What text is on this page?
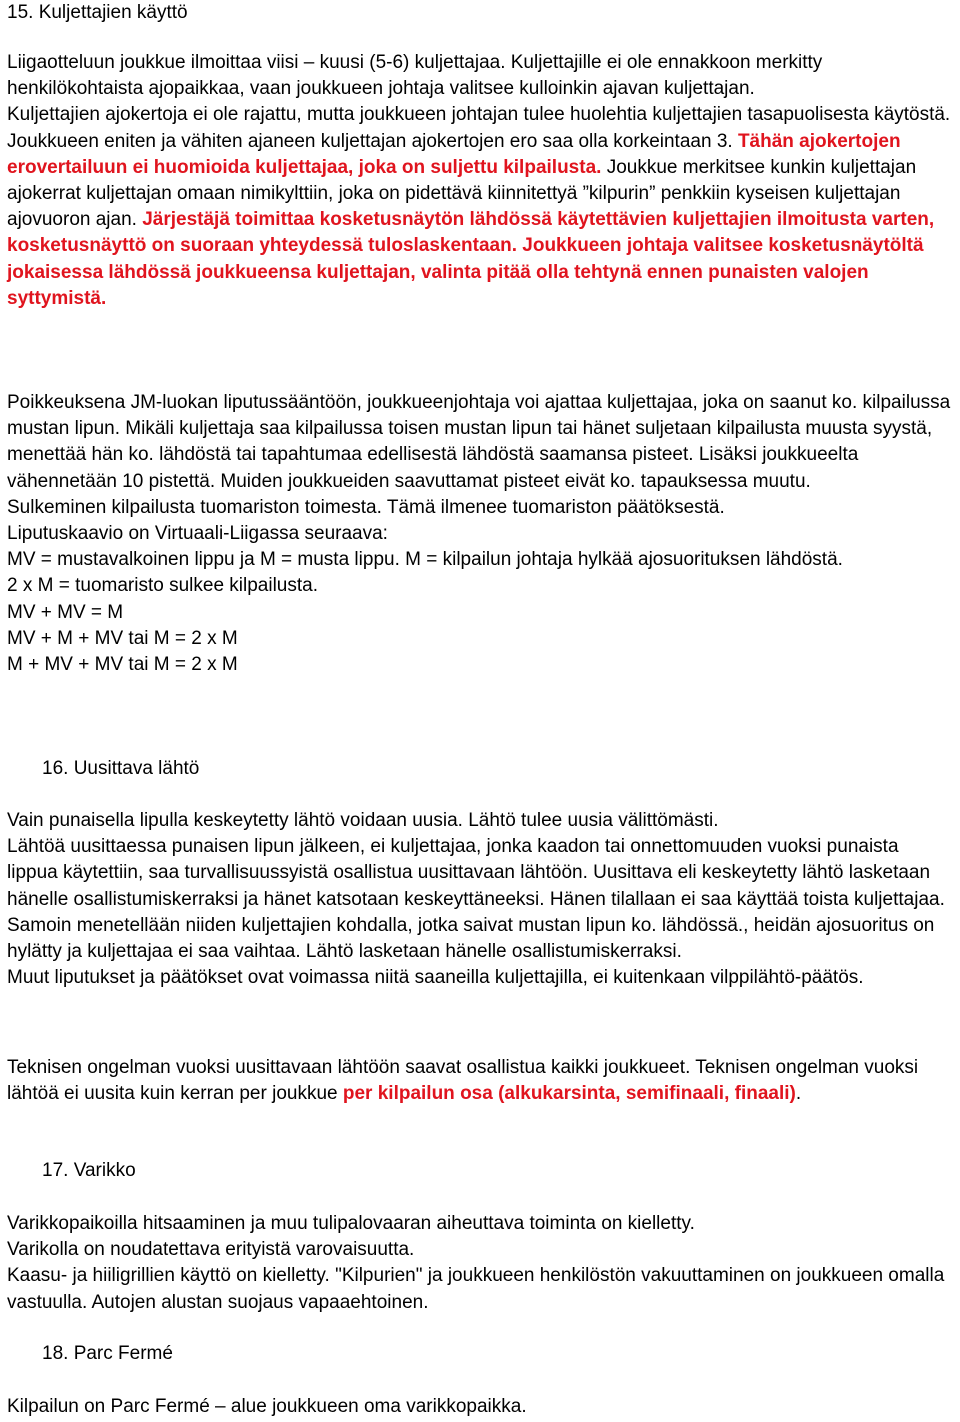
15. Kuljettajien käyttö

Liigaotteluun joukkue ilmoittaa viisi – kuusi (5-6) kuljettajaa. Kuljettajille ei ole ennakkoon merkitty henkilökohtaista ajopaikkaa, vaan joukkueen johtaja valitsee kulloinkin ajavan kuljettajan.
Kuljettajien ajokertoja ei ole rajattu, mutta joukkueen johtajan tulee huolehtia kuljettajien tasapuolisesta käytöstä. Joukkueen eniten ja vähiten ajaneen kuljettajan ajokertojen ero saa olla korkeintaan 3. Tähän ajokertojen erovertailuun ei huomioida kuljettajaa, joka on suljettu kilpailusta. Joukkue merkitsee kunkin kuljettajan ajokerrat kuljettajan omaan nimikylttiin, joka on pidettävä kiinnitettyä ”kilpurin” penkkiin kyseisen kuljettajan ajovuoron ajan. Järjestäjä toimittaa kosketusnäytön lähdössä käytettävien kuljettajien ilmoitusta varten, kosketusnäyttö on suoraan yhteydessä tuloslaskentaan. Joukkueen johtaja valitsee kosketusnäytöltä jokaisessa lähdössä joukkueensa kuljettajan, valinta pitää olla tehtynä ennen punaisten valojen syttymistä.

Poikkeuksena JM-luokan liputussääntöön, joukkueenjohtaja voi ajattaa kuljettajaa, joka on saanut ko. kilpailussa mustan lipun. Mikäli kuljettaja saa kilpailussa toisen mustan lipun tai hänet suljetaan kilpailusta muusta syystä, menettää hän ko. lähdöstä tai tapahtumaa edellisestä lähdöstä saamansa pisteet. Lisäksi joukkueelta vähennetään 10 pistettä. Muiden joukkueiden saavuttamat pisteet eivät ko. tapauksessa muutu.
Sulkeminen kilpailusta tuomariston toimesta. Tämä ilmenee tuomariston päätöksestä.
Liputuskaavio on Virtuaali-Liigassa seuraava:
MV = mustavalkoinen lippu ja M = musta lippu. M = kilpailun johtaja hylkää ajosuorituksen lähdöstä.
2 x M = tuomaristo sulkee kilpailusta.
MV + MV = M
MV + M + MV tai M = 2 x M
M + MV + MV tai M = 2 x M

16. Uusittava lähtö

Vain punaisella lipulla keskeytetty lähtö voidaan uusia. Lähtö tulee uusia välittömästi.
Lähtöä uusittaessa punaisen lipun jälkeen, ei kuljettajaa, jonka kaadon tai onnettomuuden vuoksi punaista lippua käytettiin, saa turvallisuussyistä osallistua uusittavaan lähtöön. Uusittava eli keskeytetty lähtö lasketaan hänelle osallistumiskerraksi ja hänet katsotaan keskeyttäneeksi. Hänen tilallaan ei saa käyttää toista kuljettajaa. Samoin menetellään niiden kuljettajien kohdalla, jotka saivat mustan lipun ko. lähdössä., heidän ajosuoritus on hylätty ja kuljettajaa ei saa vaihtaa. Lähtö lasketaan hänelle osallistumiskerraksi.
Muut liputukset ja päätökset ovat voimassa niitä saaneilla kuljettajilla, ei kuitenkaan vilppilähtö-päätös.

Teknisen ongelman vuoksi uusittavaan lähtöön saavat osallistua kaikki joukkueet. Teknisen ongelman vuoksi lähtöä ei uusita kuin kerran per joukkue per kilpailun osa (alkukarsinta, semifinaali, finaali).

17. Varikko

Varikkopaikoilla hitsaaminen ja muu tulipalovaaran aiheuttava toiminta on kielletty.
Varikolla on noudatettava erityistä varovaisuutta.
Kaasu- ja hiiligrillien käyttö on kielletty. "Kilpurien" ja joukkueen henkilöstön vakuuttaminen on joukkueen omalla vastuulla. Autojen alustan suojaus vapaaehtoinen.

18. Parc Fermé

Kilpailun on Parc Fermé – alue joukkueen oma varikkopaikka.
